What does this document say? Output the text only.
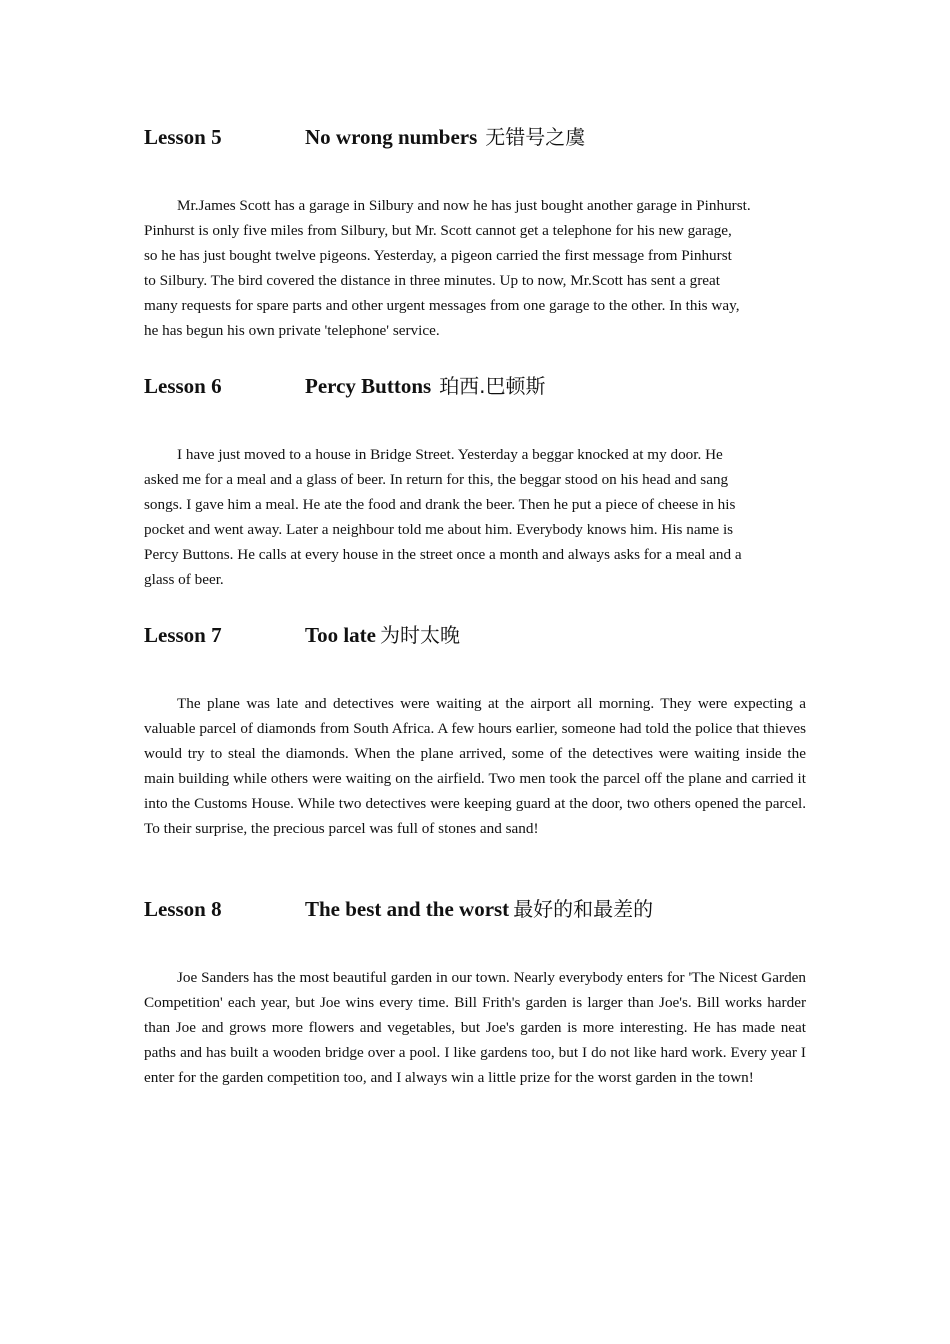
Lesson 5	No wrong numbers 无错号之虞
Mr.James Scott has a garage in Silbury and now he has just bought another garage in Pinhurst.
Pinhurst is only five miles from Silbury, but Mr. Scott cannot get a telephone for his new garage,
so he has just bought twelve pigeons. Yesterday, a pigeon carried the first message from Pinhurst
to Silbury. The bird covered the distance in three minutes. Up to now, Mr.Scott has sent a great
many requests for spare parts and other urgent messages from one garage to the other. In this way,
he has begun his own private 'telephone' service.
Lesson 6	Percy Buttons 珀西.巴顿斯
I have just moved to a house in Bridge Street. Yesterday a beggar knocked at my door. He
asked me for a meal and a glass of beer. In return for this, the beggar stood on his head and sang
songs. I gave him a meal. He ate the food and drank the beer. Then he put a piece of cheese in his
pocket and went away. Later a neighbour told me about him. Everybody knows him. His name is
Percy Buttons. He calls at every house in the street once a month and always asks for a meal and a
glass of beer.
Lesson 7	Too late 为时太晚

The plane was late and detectives were waiting at the airport all morning. They were expecting a valuable parcel of diamonds from South Africa. A few hours earlier, someone had told the police that thieves would try to steal the diamonds. When the plane arrived, some of the detectives were waiting inside the main building while others were waiting on the airfield. Two men took the parcel off the plane and carried it into the Customs House. While two detectives were keeping guard at the door, two others opened the parcel. To their surprise, the precious parcel was full of stones and sand!

Lesson 8	The best and the worst 最好的和最差的

Joe Sanders has the most beautiful garden in our town. Nearly everybody enters for 'The Nicest Garden Competition' each year, but Joe wins every time. Bill Frith's garden is larger than Joe's. Bill works harder than Joe and grows more flowers and vegetables, but Joe's garden is more interesting. He has made neat paths and has built a wooden bridge over a pool. I like gardens too, but I do not like hard work. Every year I enter for the garden competition too, and I always win a little prize for the worst garden in the town!
